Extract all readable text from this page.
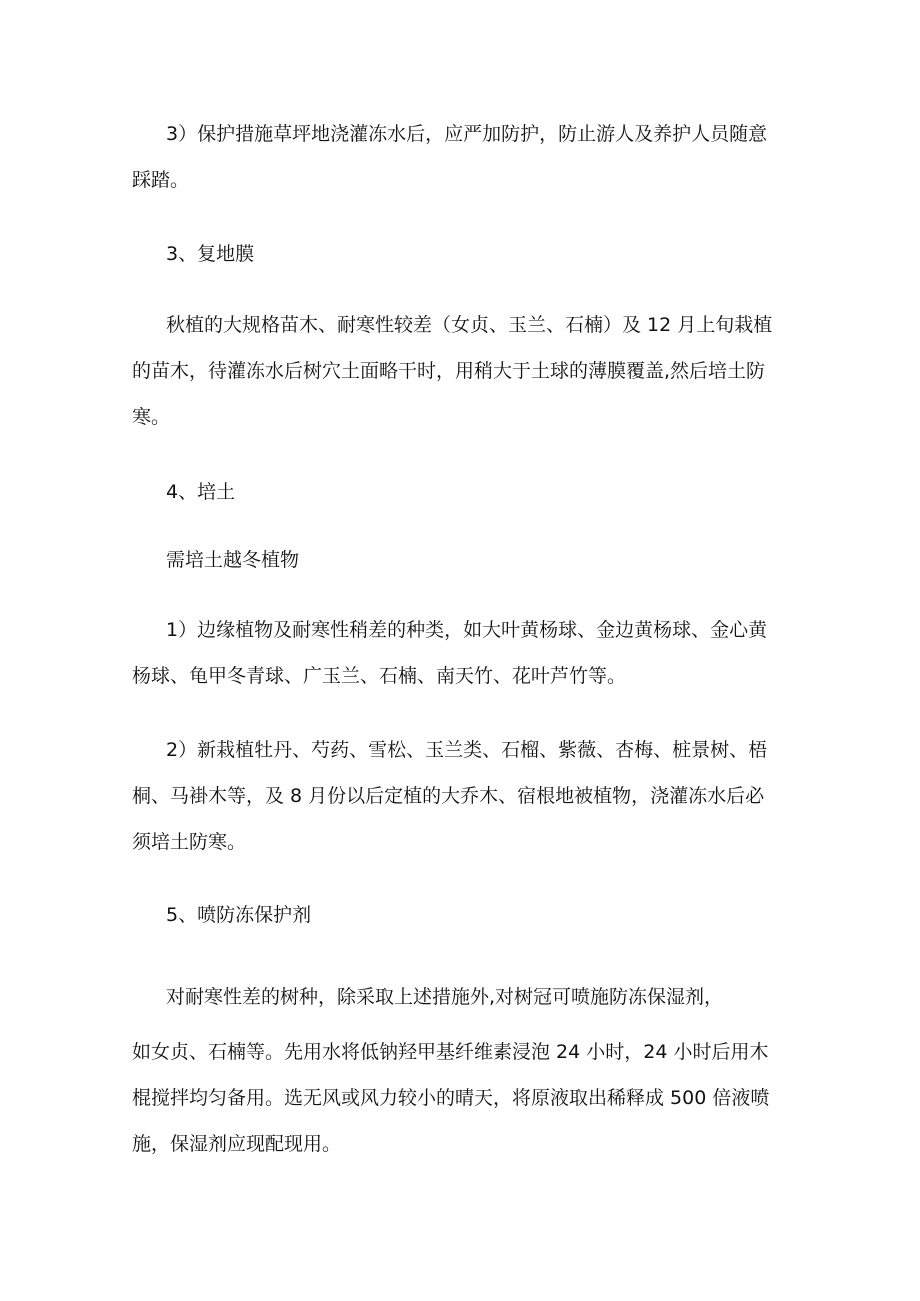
3）保护措施草坪地浇灌冻水后，应严加防护，防止游人及养护人员随意
踩踏。
3、复地膜
秋植的大规格苗木、耐寒性较差（女贞、玉兰、石楠）及 12 月上旬栽植
的苗木，待灌冻水后树穴土面略干时，用稍大于土球的薄膜覆盖,然后培土防
寒。
4、培土
需培土越冬植物
1）边缘植物及耐寒性稍差的种类，如大叶黄杨球、金边黄杨球、金心黄
杨球、龟甲冬青球、广玉兰、石楠、南天竹、花叶芦竹等。
2）新栽植牡丹、芍药、雪松、玉兰类、石榴、紫薇、杏梅、桩景树、梧
桐、马褂木等，及 8 月份以后定植的大乔木、宿根地被植物，浇灌冻水后必
须培土防寒。
5、喷防冻保护剂
对耐寒性差的树种，除采取上述措施外,对树冠可喷施防冻保湿剂，
如女贞、石楠等。先用水将低钠羟甲基纤维素浸泡 24 小时，24 小时后用木
棍搅拌均匀备用。选无风或风力较小的晴天，将原液取出稀释成 500 倍液喷
施，保湿剂应现配现用。
